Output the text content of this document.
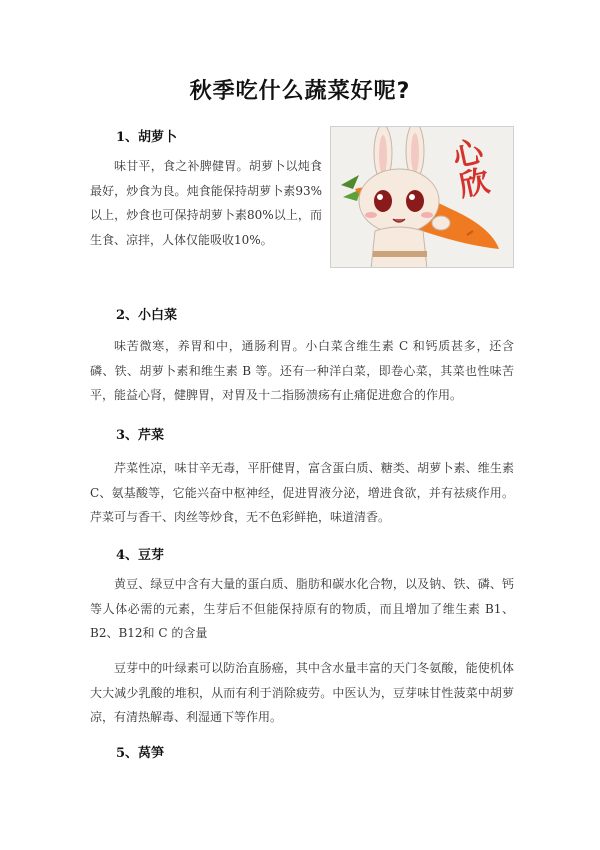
秋季吃什么蔬菜好呢?
1、胡萝卜

味甘平，食之补脾健胃。胡萝卜以炖食最好，炒食为良。炖食能保持胡萝卜素93%以上，炒食也可保持胡萝卜素80%以上，而生食、凉拌，人体仅能吸收10%。

心欣
2、小白菜

味苦微寒，养胃和中，通肠利胃。小白菜含维生素 C 和钙质甚多，还含磷、铁、胡萝卜素和维生素 B 等。还有一种洋白菜，即卷心菜，其菜也性味苦平，能益心肾，健脾胃，对胃及十二指肠溃疡有止痛促进愈合的作用。

3、芹菜

芹菜性凉，味甘辛无毒，平肝健胃，富含蛋白质、糖类、胡萝卜素、维生素 C、氨基酸等，它能兴奋中枢神经，促进胃液分泌，增进食欲，并有祛痰作用。芹菜可与香干、肉丝等炒食，无不色彩鲜艳，味道清香。

4、豆芽

黄豆、绿豆中含有大量的蛋白质、脂肪和碳水化合物，以及钠、铁、磷、钙等人体必需的元素，生芽后不但能保持原有的物质，而且增加了维生素 B1、B2、B12和 C 的含量

豆芽中的叶绿素可以防治直肠癌，其中含水量丰富的天门冬氨酸，能使机体大大减少乳酸的堆积，从而有利于消除疲劳。中医认为，豆芽味甘性菠菜中胡萝凉，有清热解毒、利湿通下等作用。

5、莴笋
